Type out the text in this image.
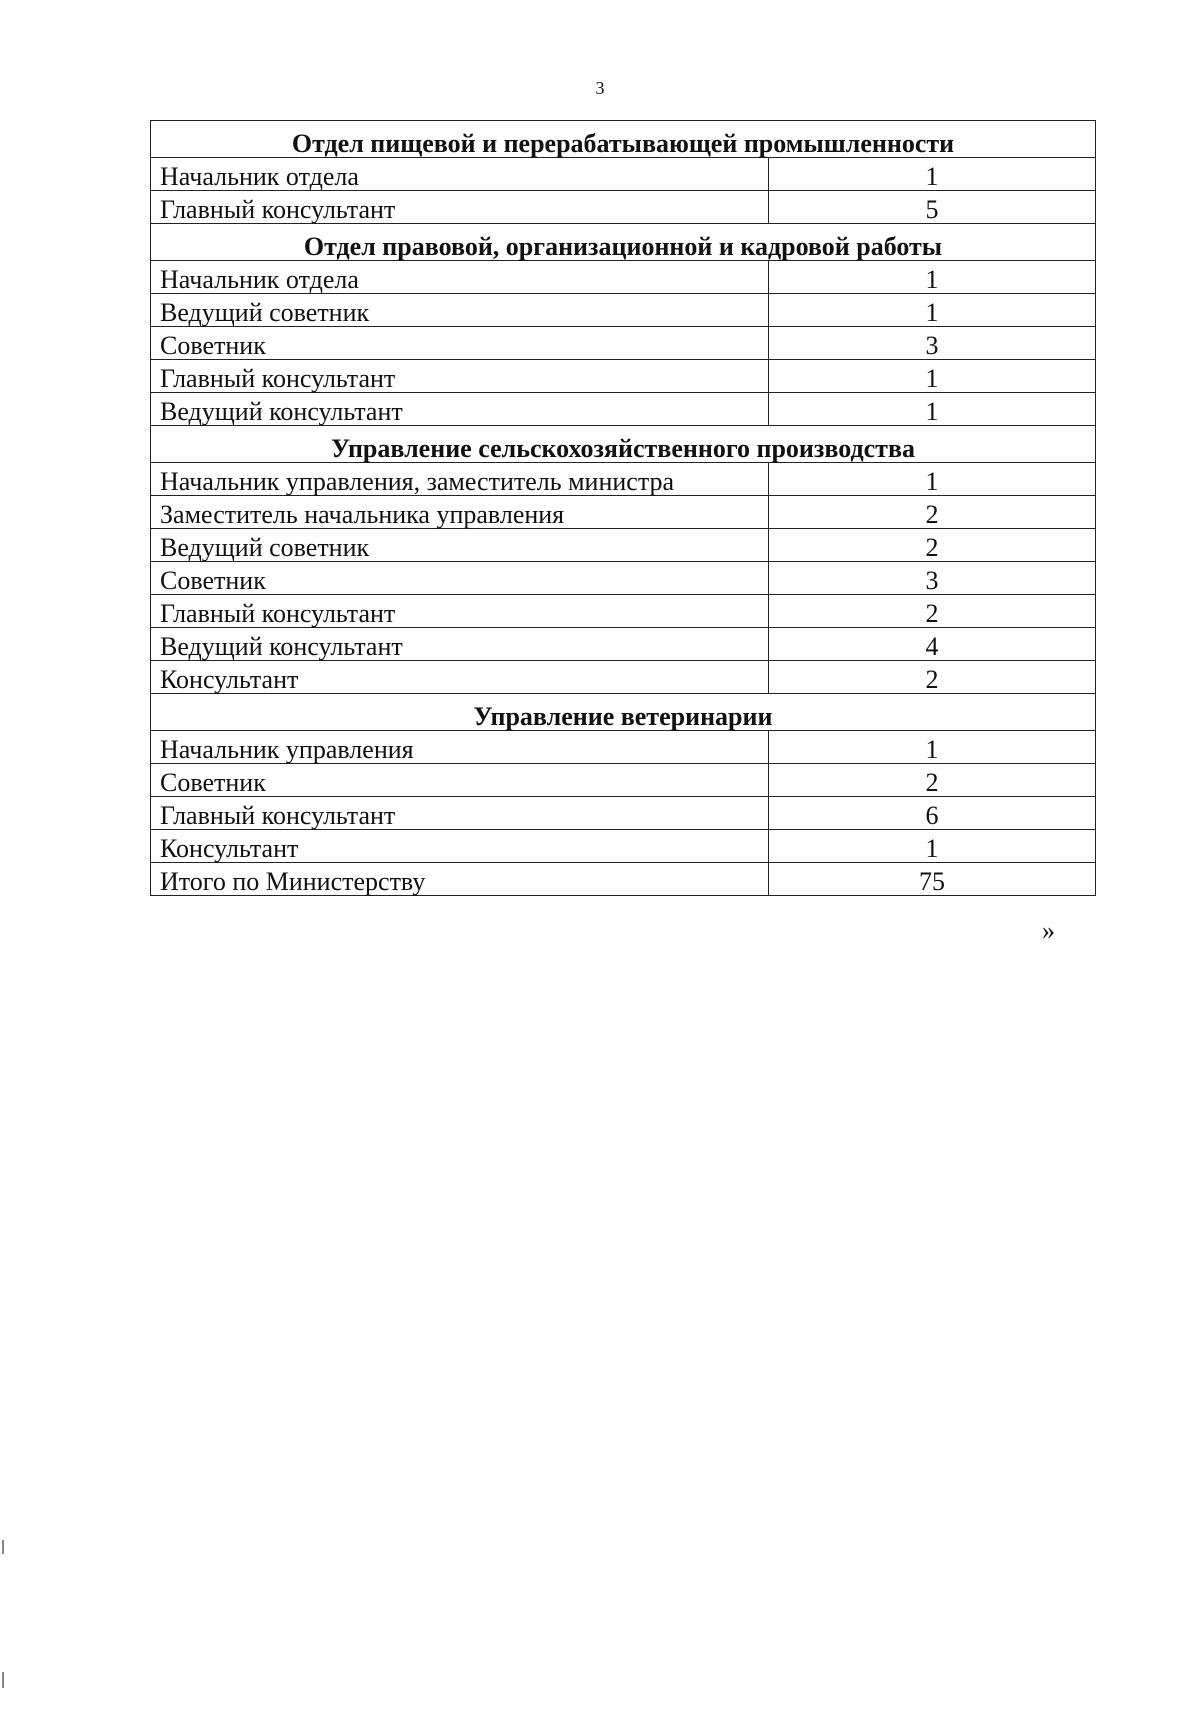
3
Отдел пищевой и перерабатывающей промышленности	
Начальник отдела	1
Главный консультант	5
Отдел правовой, организационной и кадровой работы	
Начальник отдела	1
Ведущий советник	1
Советник	3
Главный консультант	1
Ведущий консультант	1
Управление сельскохозяйственного производства	
Начальник управления, заместитель министра	1
Заместитель начальника управления	2
Ведущий советник	2
Советник	3
Главный консультант	2
Ведущий консультант	4
Консультант	2
Управление ветеринарии	
Начальник управления	1
Советник	2
Главный консультант	6
Консультант	1
Итого по Министерству	75
»
